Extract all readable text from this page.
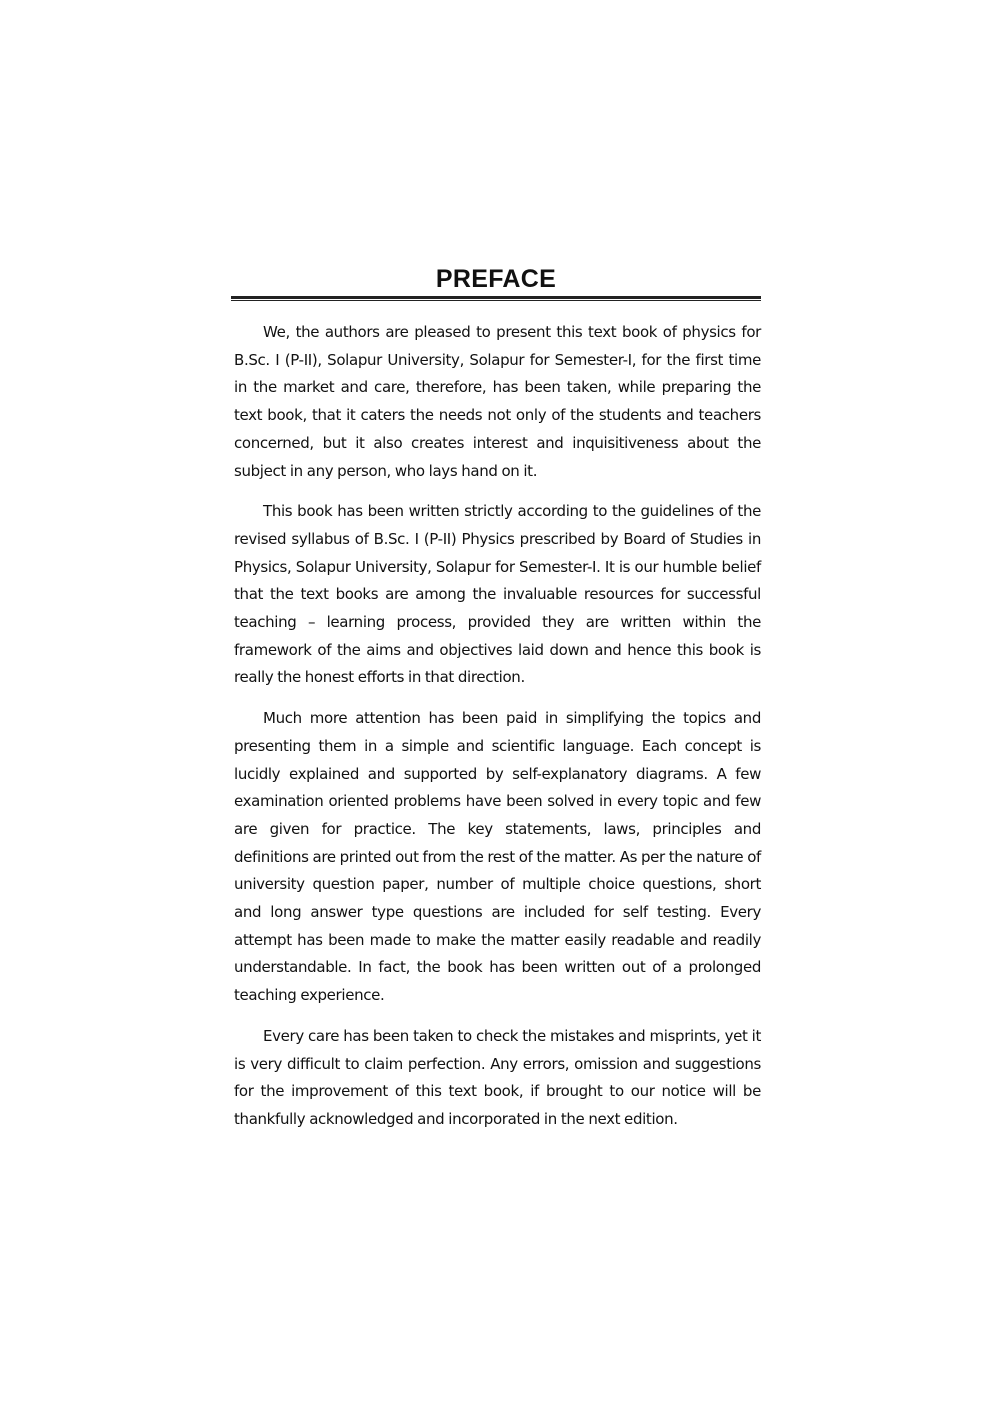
PREFACE

We, the authors are pleased to present this text book of physics for B.Sc. I (P-II), Solapur University, Solapur for Semester-I, for the first time in the market and care, therefore, has been taken, while preparing the text book, that it caters the needs not only of the students and teachers concerned, but it also creates interest and inquisitiveness about the subject in any person, who lays hand on it.

This book has been written strictly according to the guidelines of the revised syllabus of B.Sc. I (P-II) Physics prescribed by Board of Studies in Physics, Solapur University, Solapur for Semester-I. It is our humble belief that the text books are among the invaluable resources for successful teaching – learning process, provided they are written within the framework of the aims and objectives laid down and hence this book is really the honest efforts in that direction.

Much more attention has been paid in simplifying the topics and presenting them in a simple and scientific language. Each concept is lucidly explained and supported by self-explanatory diagrams. A few examination oriented problems have been solved in every topic and few are given for practice. The key statements, laws, principles and definitions are printed out from the rest of the matter. As per the nature of university question paper, number of multiple choice questions, short and long answer type questions are included for self testing. Every attempt has been made to make the matter easily readable and readily understandable. In fact, the book has been written out of a prolonged teaching experience.

Every care has been taken to check the mistakes and misprints, yet it is very difficult to claim perfection. Any errors, omission and suggestions for the improvement of this text book, if brought to our notice will be thankfully acknowledged and incorporated in the next edition.
